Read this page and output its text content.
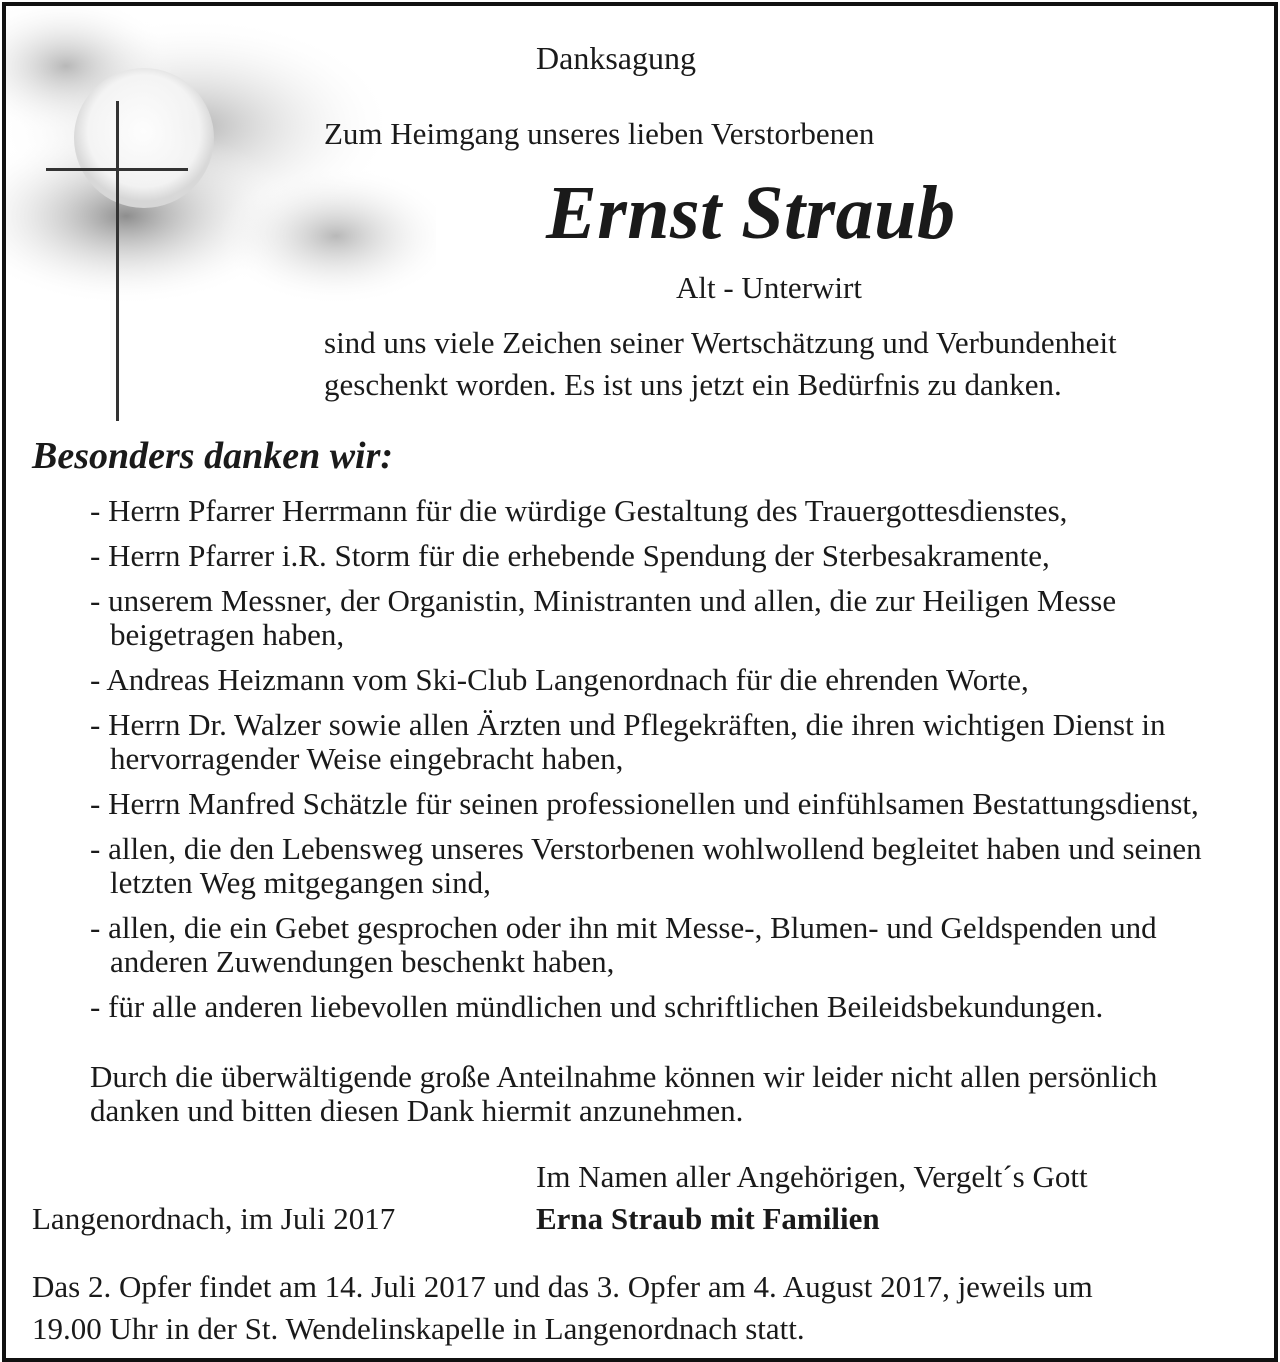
Danksagung
Zum Heimgang unseres lieben Verstorbenen
Ernst Straub
Alt - Unterwirt
sind uns viele Zeichen seiner Wertschätzung und Verbundenheit
geschenkt worden. Es ist uns jetzt ein Bedürfnis zu danken.
Besonders danken wir:
- Herrn Pfarrer Herrmann für die würdige Gestaltung des Trauergottesdienstes,
- Herrn Pfarrer i.R. Storm für die erhebende Spendung der Sterbesakramente,
- unserem Messner, der Organistin, Ministranten und allen, die zur Heiligen Messe beigetragen haben,
- Andreas Heizmann vom Ski-Club Langenordnach für die ehrenden Worte,
- Herrn Dr. Walzer sowie allen Ärzten und Pflegekräften, die ihren wichtigen Dienst in hervorragender Weise eingebracht haben,
- Herrn Manfred Schätzle für seinen professionellen und einfühlsamen Bestattungsdienst,
- allen, die den Lebensweg unseres Verstorbenen wohlwollend begleitet haben und seinen letzten Weg mitgegangen sind,
- allen, die ein Gebet gesprochen oder ihn mit Messe-, Blumen- und Geldspenden und anderen Zuwendungen beschenkt haben,
- für alle anderen liebevollen mündlichen und schriftlichen Beileidsbekundungen.
Durch die überwältigende große Anteilnahme können wir leider nicht allen persönlich danken und bitten diesen Dank hiermit anzunehmen.
Im Namen aller Angehörigen, Vergelt´s Gott
Langenordnach, im Juli 2017	Erna Straub mit Familien
Das 2. Opfer findet am 14. Juli 2017 und das 3. Opfer am 4. August 2017, jeweils um
19.00 Uhr in der St. Wendelinskapelle in Langenordnach statt.
